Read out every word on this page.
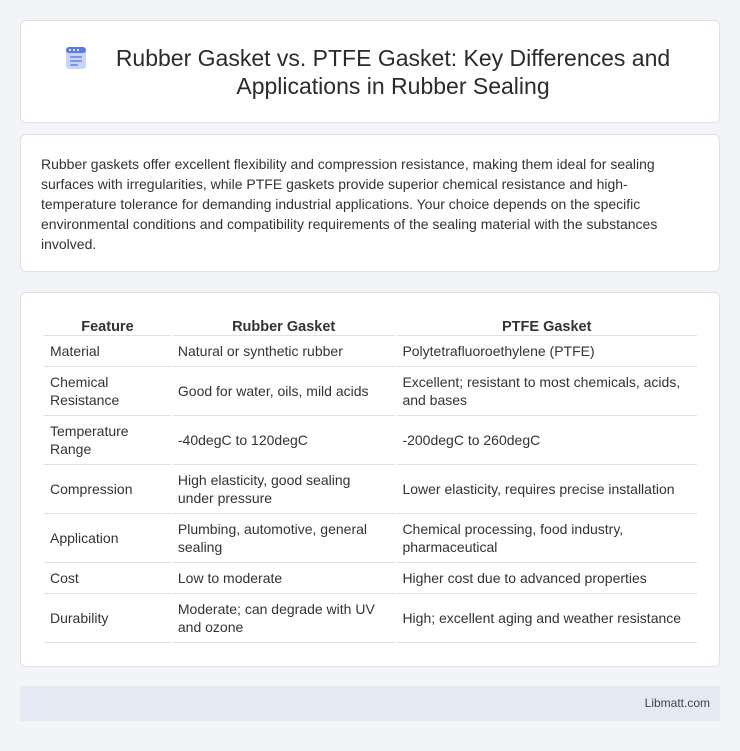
Rubber Gasket vs. PTFE Gasket: Key Differences and Applications in Rubber Sealing

Rubber gaskets offer excellent flexibility and compression resistance, making them ideal for sealing surfaces with irregularities, while PTFE gaskets provide superior chemical resistance and high-temperature tolerance for demanding industrial applications. Your choice depends on the specific environmental conditions and compatibility requirements of the sealing material with the substances involved.

Feature	Rubber Gasket	PTFE Gasket
Material	Natural or synthetic rubber	Polytetrafluoroethylene (PTFE)
Chemical Resistance	Good for water, oils, mild acids	Excellent; resistant to most chemicals, acids, and bases
Temperature Range	-40degC to 120degC	-200degC to 260degC
Compression	High elasticity, good sealing under pressure	Lower elasticity, requires precise installation
Application	Plumbing, automotive, general sealing	Chemical processing, food industry, pharmaceutical
Cost	Low to moderate	Higher cost due to advanced properties
Durability	Moderate; can degrade with UV and ozone	High; excellent aging and weather resistance
Libmatt.com
